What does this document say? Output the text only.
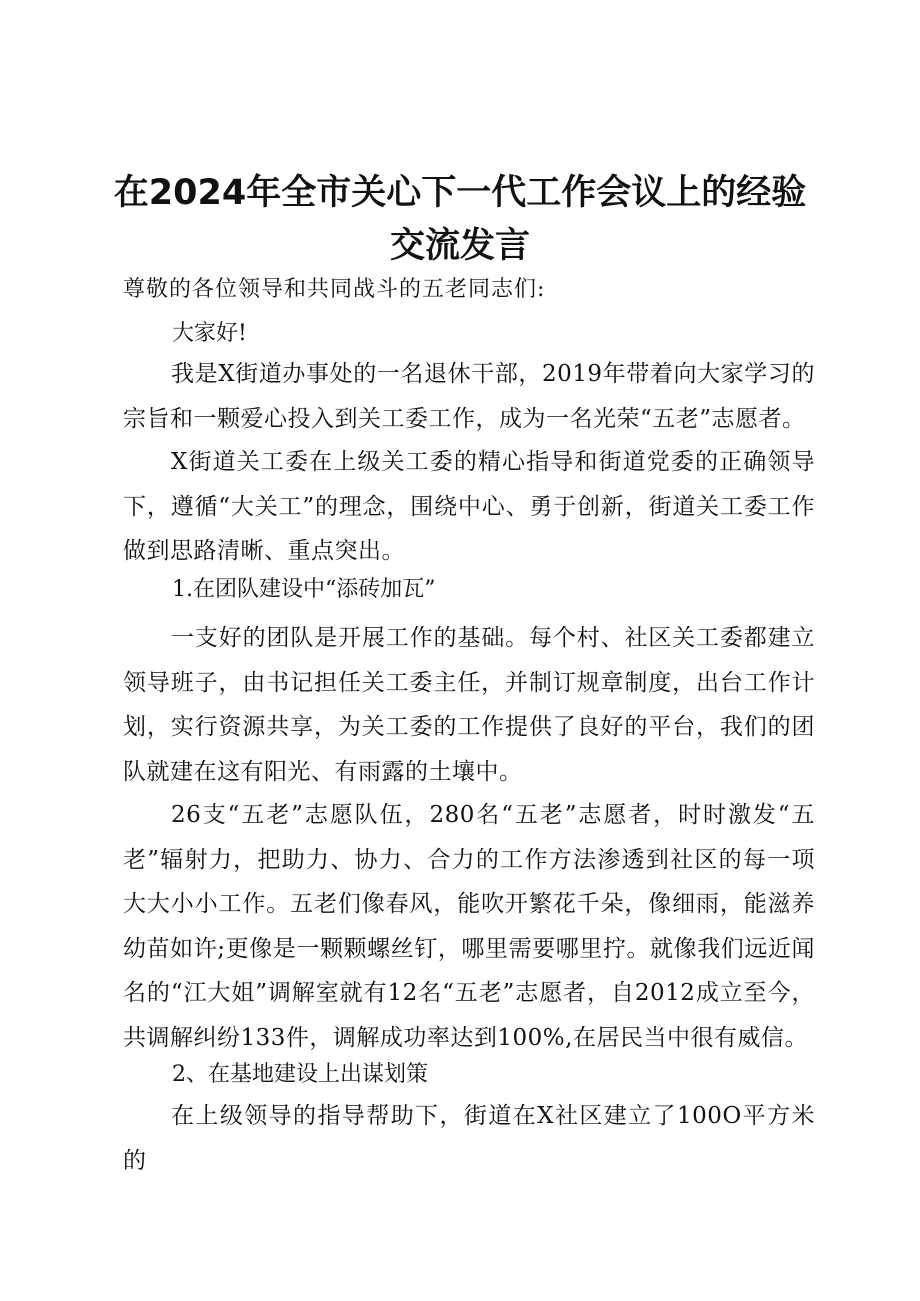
在2024年全市关心下一代工作会议上的经验
交流发言
尊敬的各位领导和共同战斗的五老同志们:
大家好!

我是X街道办事处的一名退休干部，2019年带着向大家学习的宗旨和一颗爱心投入到关工委工作，成为一名光荣“五老”志愿者。

X街道关工委在上级关工委的精心指导和街道党委的正确领导下，遵循“大关工”的理念，围绕中心、勇于创新，街道关工委工作做到思路清晰、重点突出。

1.在团队建设中“添砖加瓦”

一支好的团队是开展工作的基础。每个村、社区关工委都建立领导班子，由书记担任关工委主任，并制订规章制度，出台工作计划，实行资源共享，为关工委的工作提供了良好的平台，我们的团队就建在这有阳光、有雨露的土壤中。

26支“五老”志愿队伍，280名“五老”志愿者，时时激发“五老”辐射力，把助力、协力、合力的工作方法渗透到社区的每一项大大小小工作。五老们像春风，能吹开繁花千朵，像细雨，能滋养幼苗如许;更像是一颗颗螺丝钉，哪里需要哪里拧。就像我们远近闻名的“江大姐”调解室就有12名“五老”志愿者，自2012成立至今，共调解纠纷133件，调解成功率达到100%,在居民当中很有威信。

2、在基地建设上出谋划策

在上级领导的指导帮助下，街道在X社区建立了100O平方米的
